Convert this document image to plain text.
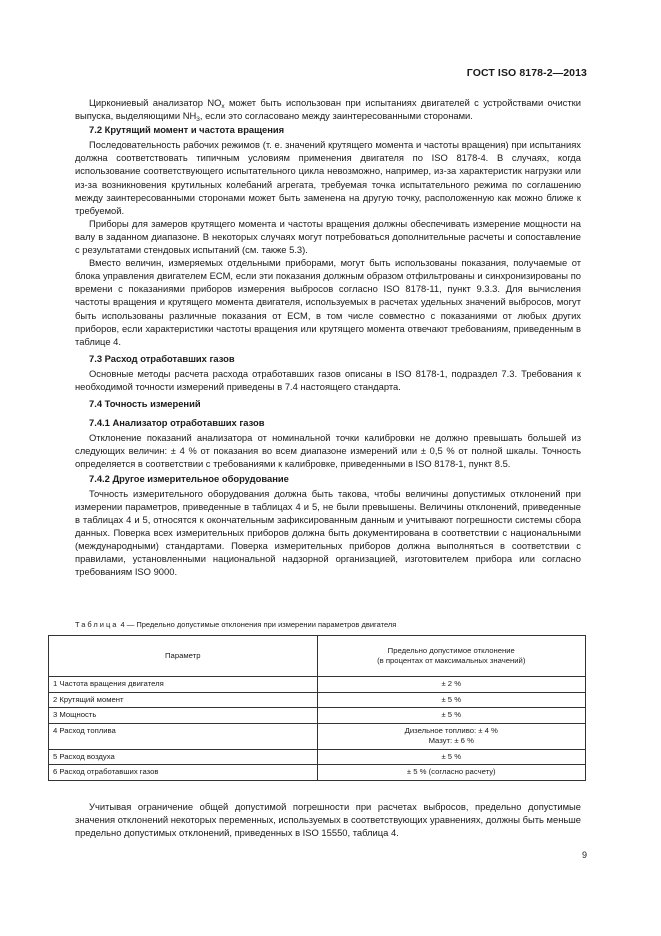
ГОСТ ISO 8178-2—2013

Циркониевый анализатор $NO_x$ может быть использован при испытаниях двигателей с устройствами очистки выпуска, выделяющими $NH_3$, если это согласовано между заинтересованными сторонами.

7.2 Крутящий момент и частота вращения

Последовательность рабочих режимов (т. е. значений крутящего момента и частоты вращения) при испытаниях должна соответствовать типичным условиям применения двигателя по ISO 8178-4. В случаях, когда использование соответствующего испытательного цикла невозможно, например, из-за характеристик нагрузки или из-за возникновения крутильных колебаний агрегата, требуемая точка испытательного режима по соглашению между заинтересованными сторонами может быть заменена на другую точку, расположенную как можно ближе к требуемой.

Приборы для замеров крутящего момента и частоты вращения должны обеспечивать измерение мощности на валу в заданном диапазоне. В некоторых случаях могут потребоваться дополнительные расчеты и сопоставление с результатами стендовых испытаний (см. также 5.3).

Вместо величин, измеряемых отдельными приборами, могут быть использованы показания, получаемые от блока управления двигателем ЕСМ, если эти показания должным образом отфильтрованы и синхронизированы по времени с показаниями приборов измерения выбросов согласно ISO 8178-11, пункт 9.3.3. Для вычисления частоты вращения и крутящего момента двигателя, используемых в расчетах удельных значений выбросов, могут быть использованы различные показания от ЕСМ, в том числе совместно с показаниями от любых других приборов, если характеристики частоты вращения или крутящего момента отвечают требованиям, приведенным в таблице 4.

7.3 Расход отработавших газов

Основные методы расчета расхода отработавших газов описаны в ISO 8178-1, подраздел 7.3. Требования к необходимой точности измерений приведены в 7.4 настоящего стандарта.

7.4 Точность измерений

7.4.1 Анализатор отработавших газов

Отклонение показаний анализатора от номинальной точки калибровки не должно превышать большей из следующих величин: ± 4 % от показания во всем диапазоне измерений или ± 0,5 % от полной шкалы. Точность определяется в соответствии с требованиями к калибровке, приведенными в ISO 8178-1, пункт 8.5.

7.4.2 Другое измерительное оборудование

Точность измерительного оборудования должна быть такова, чтобы величины допустимых отклонений при измерении параметров, приведенные в таблицах 4 и 5, не были превышены. Величины отклонений, приведенные в таблицах 4 и 5, относятся к окончательным зафиксированным данным и учитывают погрешности системы сбора данных. Поверка всех измерительных приборов должна быть документирована в соответствии с национальными (международными) стандартами. Поверка измерительных приборов должна выполняться в соответствии с правилами, установленными национальной надзорной организацией, изготовителем прибора или согласно требованиям ISO 9000.

Таблица 4 — Предельно допустимые отклонения при измерении параметров двигателя
Параметр	Предельно допустимое отклонение
(в процентах от максимальных значений)

1 Частота вращения двигателя	± 2 %
2 Крутящий момент	± 5 %
3 Мощность	± 5 %
4 Расход топлива	Дизельное топливо: ± 4 %
Мазут: ± 6 %

5 Расход воздуха	± 5 %
6 Расход отработавших газов	± 5 % (согласно расчету)

Учитывая ограничение общей допустимой погрешности при расчетах выбросов, предельно допустимые значения отклонений некоторых переменных, используемых в соответствующих уравнениях, должны быть меньше предельно допустимых отклонений, приведенных в ISO 15550, таблица 4.

9
